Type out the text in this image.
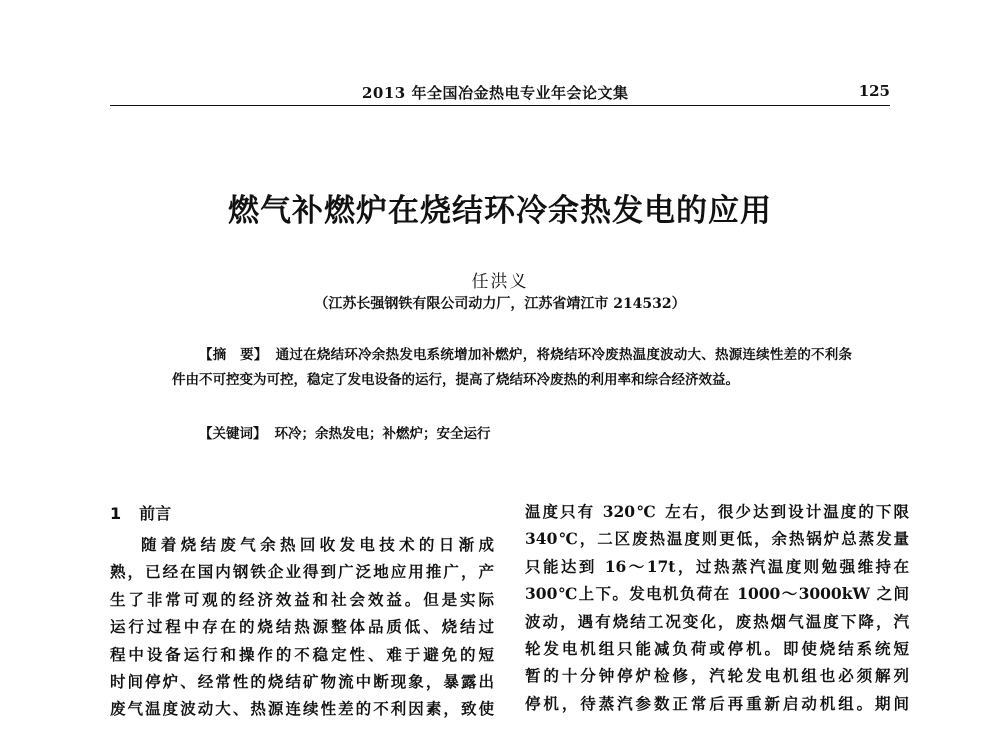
2013 年全国冶金热电专业年会论文集	125
燃气补燃炉在烧结环冷余热发电的应用
任洪义
（江苏长强钢铁有限公司动力厂，江苏省靖江市 214532）
【摘　要】 通过在烧结环冷余热发电系统增加补燃炉，将烧结环冷废热温度波动大、热源连续性差的不利条件由不可控变为可控，稳定了发电设备的运行，提高了烧结环冷废热的利用率和综合经济效益。
【关键词】 环冷；余热发电；补燃炉；安全运行
1 前言
随着烧结废气余热回收发电技术的日渐成
熟，已经在国内钢铁企业得到广泛地应用推广，产
生了非常可观的经济效益和社会效益。但是实际
运行过程中存在的烧结热源整体品质低、烧结过
程中设备运行和操作的不稳定性、难于避免的短
时间停炉、经常性的烧结矿物流中断现象，暴露出
废气温度波动大、热源连续性差的不利因素，致使
温度只有 320℃ 左右，很少达到设计温度的下限
340℃，二区废热温度则更低，余热锅炉总蒸发量
只能达到 16～17t，过热蒸汽温度则勉强维持在
300℃上下。发电机负荷在 1000～3000kW 之间
波动，遇有烧结工况变化，废热烟气温度下降，汽
轮发电机组只能减负荷或停机。即使烧结系统短
暂的十分钟停炉检修，汽轮发电机组也必须解列
停机，待蒸汽参数正常后再重新启动机组。期间
